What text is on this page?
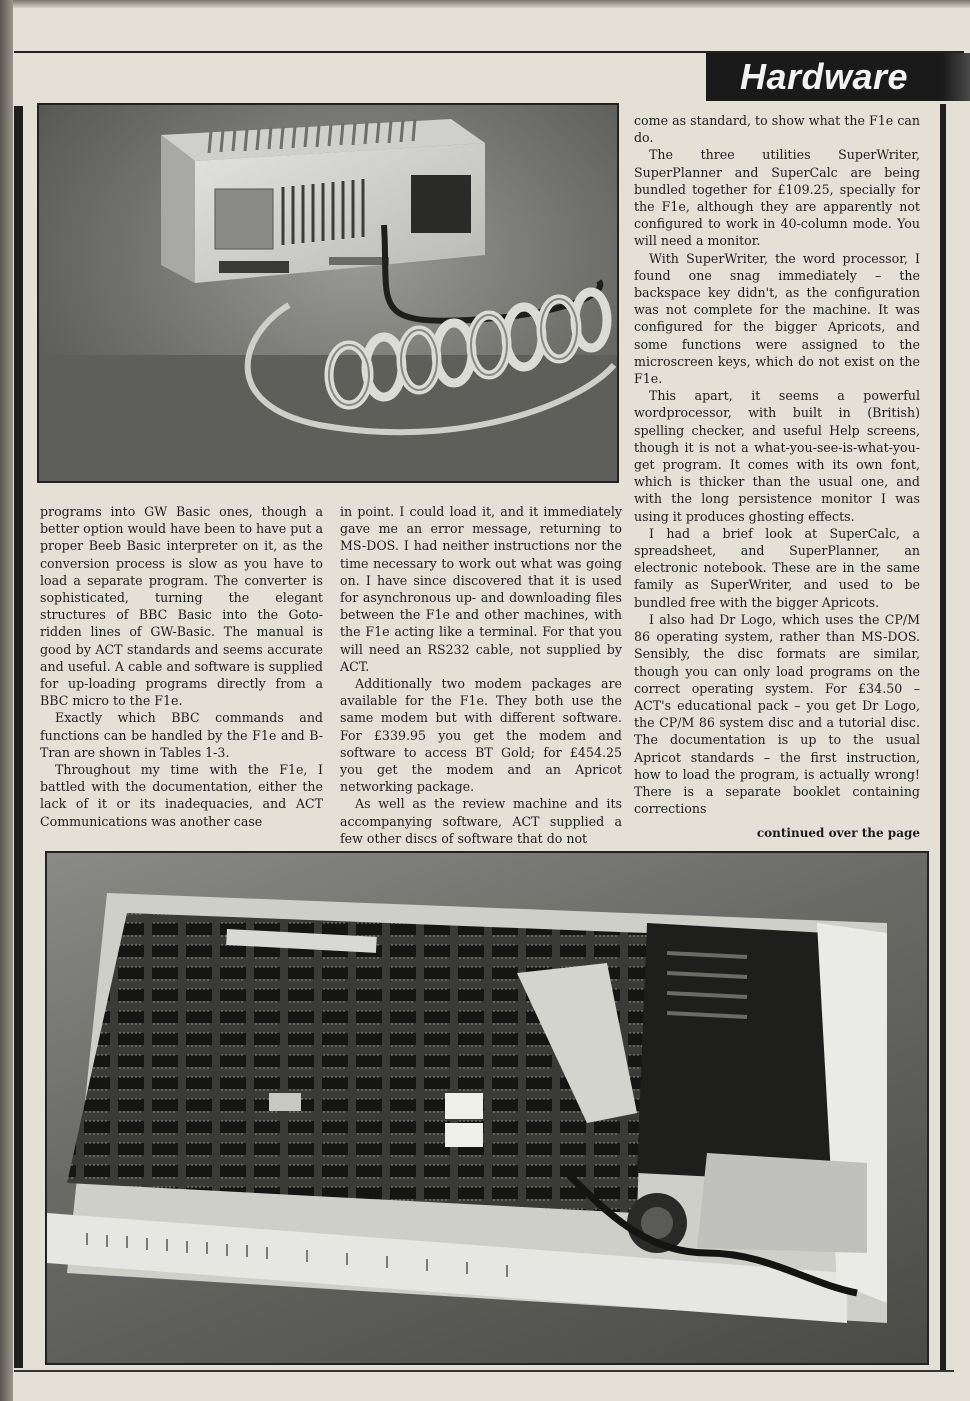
Hardware

programs into GW Basic ones, though a better option would have been to have put a proper Beeb Basic interpreter on it, as the conversion process is slow as you have to load a separate program. The converter is sophisticated, turning the elegant structures of BBC Basic into the Goto-ridden lines of GW-Basic. The manual is good by ACT standards and seems accurate and useful. A cable and software is supplied for up-loading programs directly from a BBC micro to the F1e.

Exactly which BBC commands and functions can be handled by the F1e and B-Tran are shown in Tables 1-3.

Throughout my time with the F1e, I battled with the documentation, either the lack of it or its inadequacies, and ACT Communications was another case

in point. I could load it, and it immediately gave me an error message, returning to MS-DOS. I had neither instructions nor the time necessary to work out what was going on. I have since discovered that it is used for asynchronous up- and downloading files between the F1e and other machines, with the F1e acting like a terminal. For that you will need an RS232 cable, not supplied by ACT.

Additionally two modem packages are available for the F1e. They both use the same modem but with different software. For £339.95 you get the modem and software to access BT Gold; for £454.25 you get the modem and an Apricot networking package.

As well as the review machine and its accompanying software, ACT supplied a few other discs of software that do not

come as standard, to show what the F1e can do.

The three utilities SuperWriter, SuperPlanner and SuperCalc are being bundled together for £109.25, specially for the F1e, although they are apparently not configured to work in 40-column mode. You will need a monitor.

With SuperWriter, the word processor, I found one snag immediately – the backspace key didn't, as the configuration was not complete for the machine. It was configured for the bigger Apricots, and some functions were assigned to the microscreen keys, which do not exist on the F1e.

This apart, it seems a powerful wordprocessor, with built in (British) spelling checker, and useful Help screens, though it is not a what-you-see-is-what-you-get program. It comes with its own font, which is thicker than the usual one, and with the long persistence monitor I was using it produces ghosting effects.

I had a brief look at SuperCalc, a spreadsheet, and SuperPlanner, an electronic notebook. These are in the same family as SuperWriter, and used to be bundled free with the bigger Apricots.

I also had Dr Logo, which uses the CP/M 86 operating system, rather than MS-DOS. Sensibly, the disc formats are similar, though you can only load programs on the correct operating system. For £34.50 – ACT's educational pack – you get Dr Logo, the CP/M 86 system disc and a tutorial disc. The documentation is up to the usual Apricot standards – the first instruction, how to load the program, is actually wrong! There is a separate booklet containing corrections

continued over the page
